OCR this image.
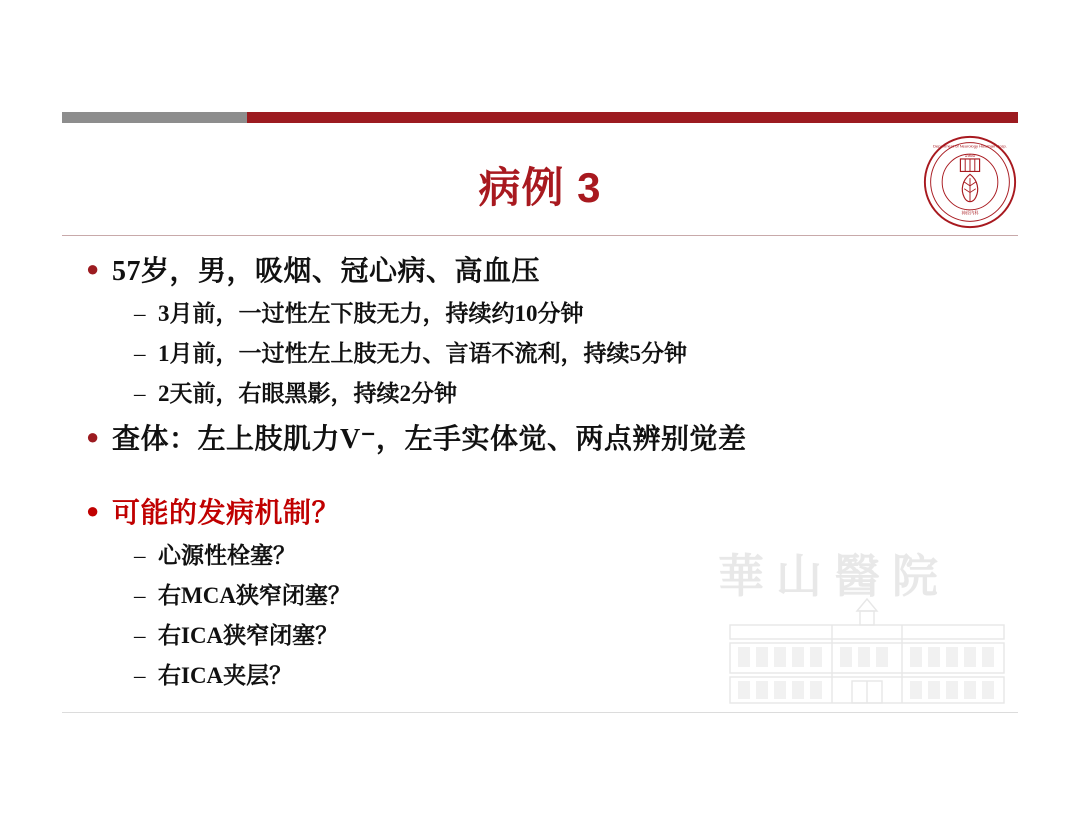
病例 3
1950
神经内科
Department of Neurology Huashan Hosp.
● 57岁，男，吸烟、冠心病、高血压
– 3月前，一过性左下肢无力，持续约10分钟
– 1月前，一过性左上肢无力、言语不流利，持续5分钟
– 2天前，右眼黑影，持续2分钟
● 查体：左上肢肌力V⁻，左手实体觉、两点辨别觉差
● 可能的发病机制？
– 心源性栓塞？
– 右MCA狭窄闭塞？
– 右ICA狭窄闭塞？
– 右ICA夹层？
華山醫院
